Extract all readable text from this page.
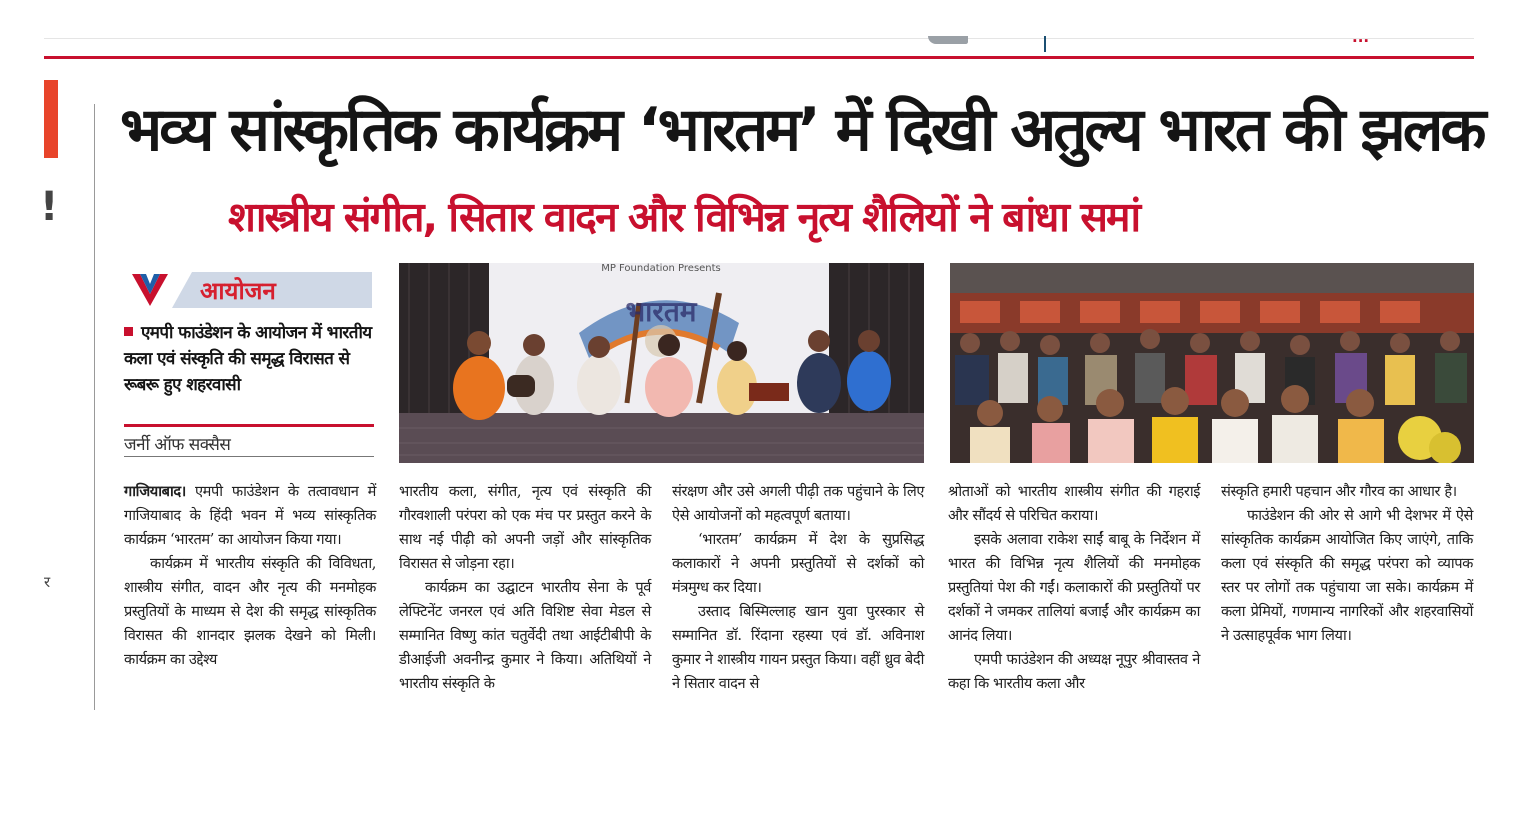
...
!
र
भव्य सांस्कृतिक कार्यक्रम ‘भारतम’ में दिखी अतुल्य भारत की झलक
शास्त्रीय संगीत, सितार वादन और विभिन्न नृत्य शैलियों ने बांधा समां
आयोजन
एमपी फाउंडेशन के आयोजन में भारतीय कला एवं संस्कृति की समृद्ध विरासत से रूबरू हुए शहरवासी
जर्नी ऑफ सक्सैस
MP Foundation Presents
भारतम

गाजियाबाद। एमपी फाउंडेशन के तत्वावधान में गाजियाबाद के हिंदी भवन में भव्य सांस्कृतिक कार्यक्रम ‘भारतम’ का आयोजन किया गया।

कार्यक्रम में भारतीय संस्कृति की विविधता, शास्त्रीय संगीत, वादन और नृत्य की मनमोहक प्रस्तुतियों के माध्यम से देश की समृद्ध सांस्कृतिक विरासत की शानदार झलक देखने को मिली। कार्यक्रम का उद्देश्य

भारतीय कला, संगीत, नृत्य एवं संस्कृति की गौरवशाली परंपरा को एक मंच पर प्रस्तुत करने के साथ नई पीढ़ी को अपनी जड़ों और सांस्कृतिक विरासत से जोड़ना रहा।

कार्यक्रम का उद्घाटन भारतीय सेना के पूर्व लेफ्टिनेंट जनरल एवं अति विशिष्ट सेवा मेडल से सम्मानित विष्णु कांत चतुर्वेदी तथा आईटीबीपी के डीआईजी अवनीन्द्र कुमार ने किया। अतिथियों ने भारतीय संस्कृति के

संरक्षण और उसे अगली पीढ़ी तक पहुंचाने के लिए ऐसे आयोजनों को महत्वपूर्ण बताया।

‘भारतम’ कार्यक्रम में देश के सुप्रसिद्ध कलाकारों ने अपनी प्रस्तुतियों से दर्शकों को मंत्रमुग्ध कर दिया।

उस्ताद बिस्मिल्लाह खान युवा पुरस्कार से सम्मानित डॉ. रिंदाना रहस्या एवं डॉ. अविनाश कुमार ने शास्त्रीय गायन प्रस्तुत किया। वहीं ध्रुव बेदी ने सितार वादन से

श्रोताओं को भारतीय शास्त्रीय संगीत की गहराई और सौंदर्य से परिचित कराया।

इसके अलावा राकेश साईं बाबू के निर्देशन में भारत की विभिन्न नृत्य शैलियों की मनमोहक प्रस्तुतियां पेश की गईं। कलाकारों की प्रस्तुतियों पर दर्शकों ने जमकर तालियां बजाईं और कार्यक्रम का आनंद लिया।

एमपी फाउंडेशन की अध्यक्ष नूपुर श्रीवास्तव ने कहा कि भारतीय कला और

संस्कृति हमारी पहचान और गौरव का आधार है।

फाउंडेशन की ओर से आगे भी देशभर में ऐसे सांस्कृतिक कार्यक्रम आयोजित किए जाएंगे, ताकि कला एवं संस्कृति की समृद्ध परंपरा को व्यापक स्तर पर लोगों तक पहुंचाया जा सके। कार्यक्रम में कला प्रेमियों, गणमान्य नागरिकों और शहरवासियों ने उत्साहपूर्वक भाग लिया।
